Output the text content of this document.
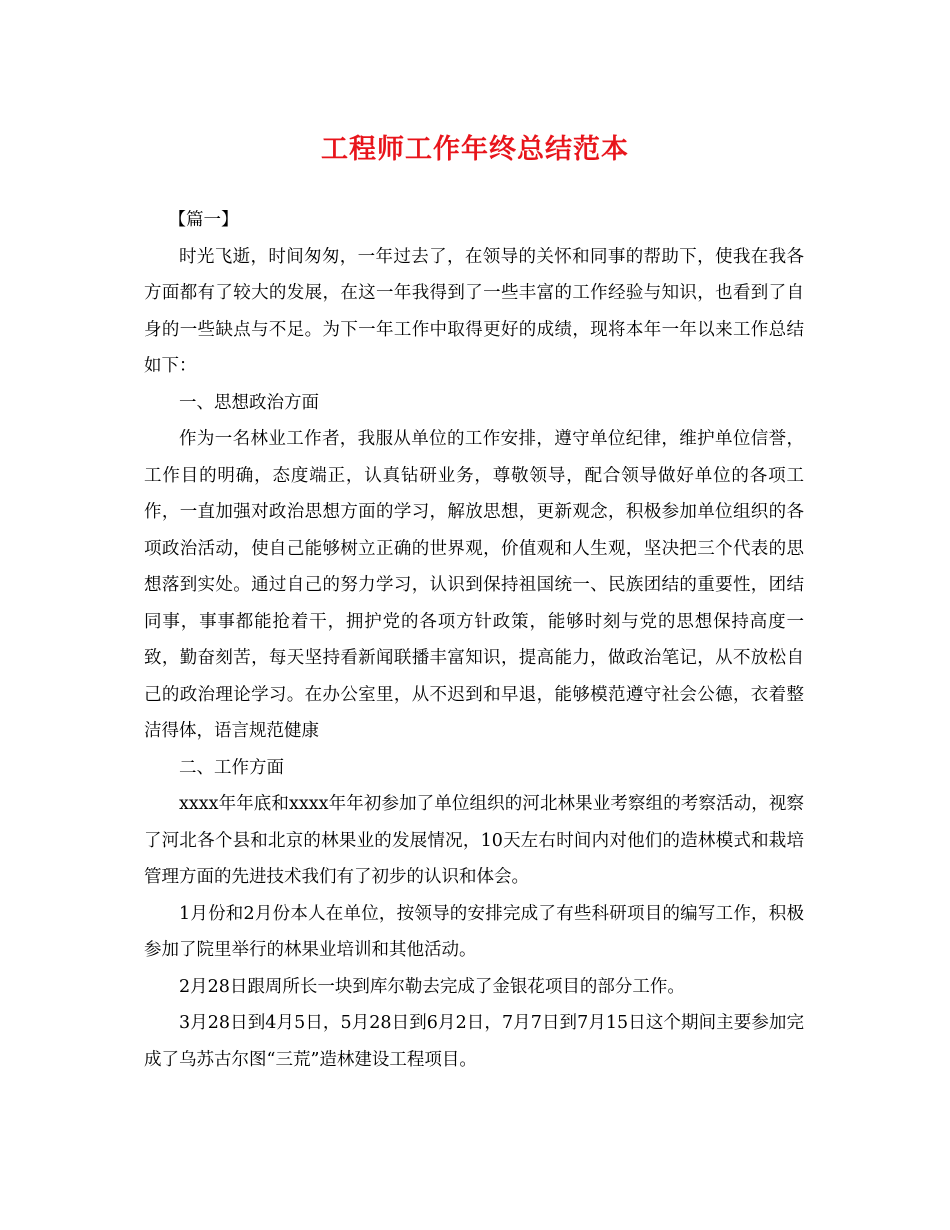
工程师工作年终总结范本

【篇一】

时光飞逝，时间匆匆，一年过去了，在领导的关怀和同事的帮助下，使我在我各方面都有了较大的发展，在这一年我得到了一些丰富的工作经验与知识，也看到了自身的一些缺点与不足。为下一年工作中取得更好的成绩，现将本年一年以来工作总结如下：

一、思想政治方面

作为一名林业工作者，我服从单位的工作安排，遵守单位纪律，维护单位信誉，工作目的明确，态度端正，认真钻研业务，尊敬领导，配合领导做好单位的各项工作，一直加强对政治思想方面的学习，解放思想，更新观念，积极参加单位组织的各项政治活动，使自己能够树立正确的世界观，价值观和人生观，坚决把三个代表的思想落到实处。通过自己的努力学习，认识到保持祖国统一、民族团结的重要性，团结同事，事事都能抢着干，拥护党的各项方针政策，能够时刻与党的思想保持高度一致，勤奋刻苦，每天坚持看新闻联播丰富知识，提高能力，做政治笔记，从不放松自己的政治理论学习。在办公室里，从不迟到和早退，能够模范遵守社会公德，衣着整洁得体，语言规范健康

二、工作方面

xxxx年年底和xxxx年年初参加了单位组织的河北林果业考察组的考察活动，视察了河北各个县和北京的林果业的发展情况，10天左右时间内对他们的造林模式和栽培管理方面的先进技术我们有了初步的认识和体会。

1月份和2月份本人在单位，按领导的安排完成了有些科研项目的编写工作，积极参加了院里举行的林果业培训和其他活动。

2月28日跟周所长一块到库尔勒去完成了金银花项目的部分工作。

3月28日到4月5日，5月28日到6月2日，7月7日到7月15日这个期间主要参加完成了乌苏古尔图“三荒”造林建设工程项目。
